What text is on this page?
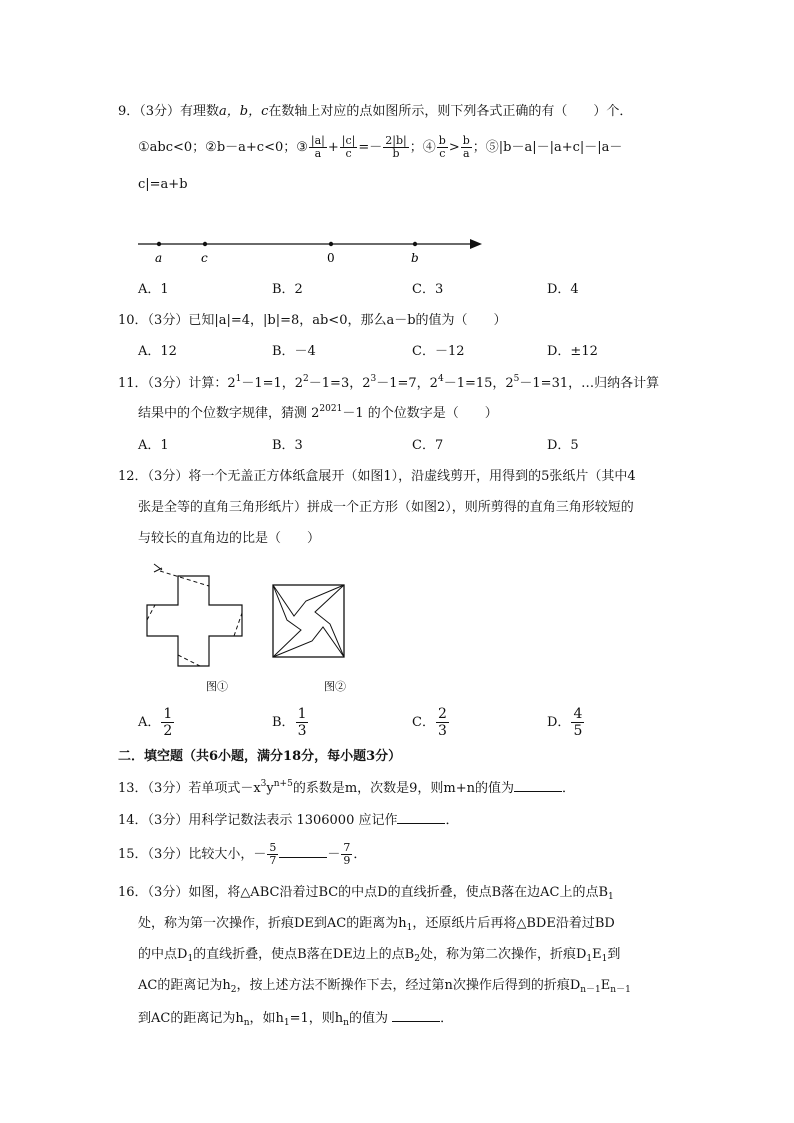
9．（3分）有理数a，b，c在数轴上对应的点如图所示，则下列各式正确的有（　　）个．
①abc<0；②b－a+c<0；③ $\frac{|a|}{a} + \frac{|c|}{c} =- \frac{2|b|}{b}$ ；④ $\frac{b}{c} > \frac{b}{a}$ ；⑤|b－a|－|a+c|－|a－
c|=a+b
a	c	0	b
A．1	B．2	C．3	D．4
10．（3分）已知|a|=4，|b|=8，ab<0，那么a－b的值为（　　）
A．12	B．－4	C．－12	D．±12
11．（3分）计算：$2^1-1=1$，$2^2-1=3$，$2^3-1=7$，$2^4-1=15$，$2^5-1=31$，…归纳各计算
结果中的个位数字规律，猜测 $2^{2021}-1$ 的个位数字是（　　）
A．1	B．3	C．7	D．5
12．（3分）将一个无盖正方体纸盒展开（如图1），沿虚线剪开，用得到的5张纸片（其中4
张是全等的直角三角形纸片）拼成一个正方形（如图2），则所剪得的直角三角形较短的
与较长的直角边的比是（　　）
图①	图②
A． $\frac{1}{2}$	B． $\frac{1}{3}$	C． $\frac{2}{3}$	D． $\frac{4}{5}$
二．填空题（共6小题，满分18分，每小题3分）
13．（3分）若单项式$-x^3y^{n+5}$的系数是m，次数是9，则m+n的值为	．
14．（3分）用科学记数法表示 1306000 应记作	．
15．（3分）比较大小，－ $\frac{5}{7}$	－ $\frac{7}{9}$ ．
16．（3分）如图，将△ABC沿着过BC的中点D的直线折叠，使点B落在边AC上的点$B_1$
处，称为第一次操作，折痕DE到AC的距离为$h_1$，还原纸片后再将△BDE沿着过BD
的中点$D_1$的直线折叠，使点B落在DE边上的点$B_2$处，称为第二次操作，折痕$D_1E_1$到
AC的距离记为$h_2$，按上述方法不断操作下去，经过第n次操作后得到的折痕$D_{n-1}E_{n-1}$
到AC的距离记为$h_n$，如$h_1=1$，则$h_n$的值为	．
